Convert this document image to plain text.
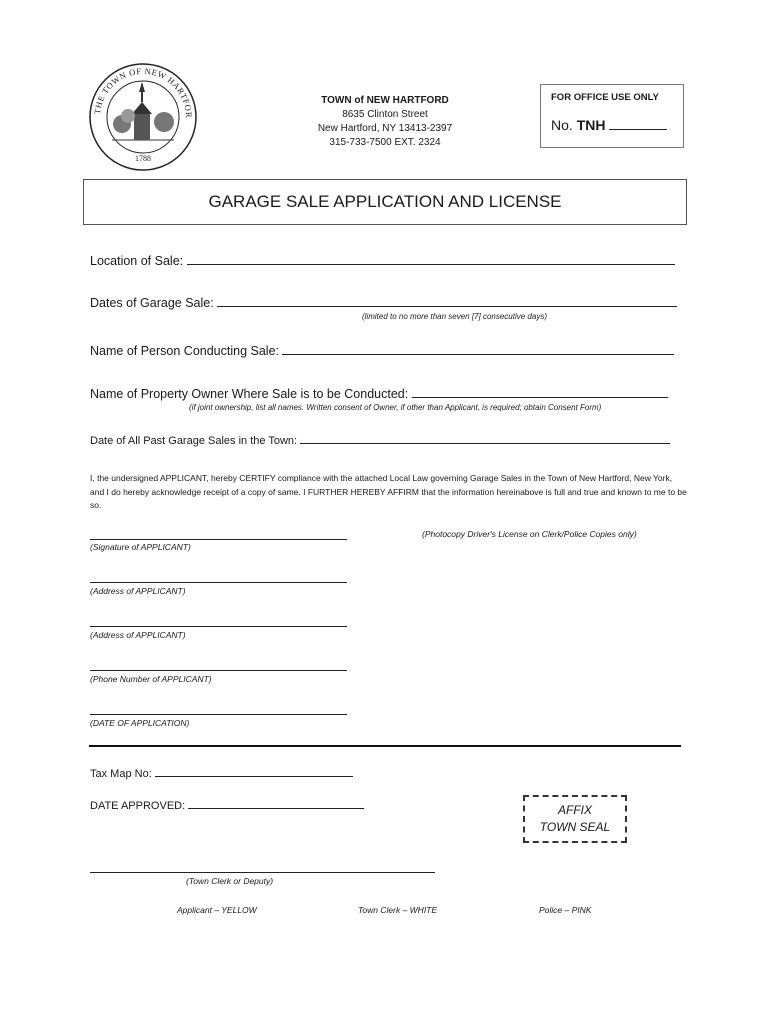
THE TOWN OF NEW HARTFOR
1788
TOWN of NEW HARTFORD
8635 Clinton Street
New Hartford, NY 13413-2397
315-733-7500 EXT. 2324
FOR OFFICE USE ONLY
No. TNH
GARAGE SALE APPLICATION AND LICENSE
Location of Sale:
Dates of Garage Sale:
(limited to no more than seven [7] consecutive days)
Name of Person Conducting Sale:
Name of Property Owner Where Sale is to be Conducted:
(if joint ownership, list all names. Written consent of Owner, if other than Applicant, is required; obtain Consent Form)
Date of All Past Garage Sales in the Town:
I, the undersigned APPLICANT, hereby CERTIFY compliance with the attached Local Law governing Garage Sales in the Town of New Hartford, New York, and I do hereby acknowledge receipt of a copy of same. I FURTHER HEREBY AFFIRM that the information hereinabove is full and true and known to me to be so.
(Signature of APPLICANT)
(Photocopy Driver's License on Clerk/Police Copies only)
(Address of APPLICANT)
(Address of APPLICANT)
(Phone Number of APPLICANT)
(DATE OF APPLICATION)
Tax Map No:
DATE APPROVED:	AFFIX
TOWN SEAL
(Town Clerk or Deputy)
Applicant – YELLOW	Town Clerk – WHITE	Police – PINK
